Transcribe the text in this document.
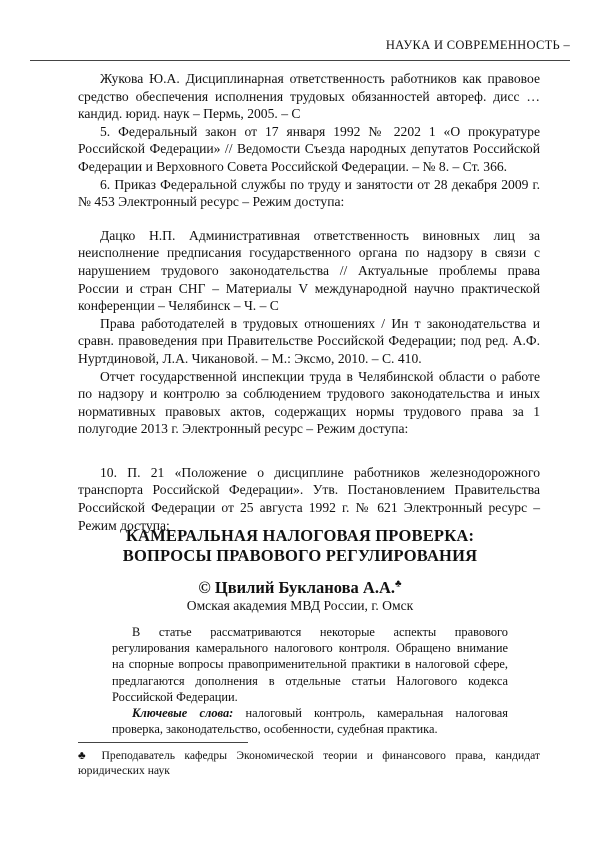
НАУКА И СОВРЕМЕННОСТЬ –

Жукова Ю.А. Дисциплинарная ответственность работников как правовое средство обеспечения исполнения трудовых обязанностей автореф. дисс … кандид. юрид. наук – Пермь, 2005. – С

5. Федеральный закон от 17 января 1992 № 2202 1 «О прокуратуре Российской Федерации» // Ведомости Съезда народных депутатов Российской Федерации и Верховного Совета Российской Федерации. – № 8. – Ст. 366.

6. Приказ Федеральной службы по труду и занятости от 28 декабря 2009 г. № 453 Электронный ресурс – Режим доступа:

Дацко Н.П. Административная ответственность виновных лиц за неисполнение предписания государственного органа по надзору в связи с нарушением трудового законодательства // Актуальные проблемы права России и стран СНГ – Материалы V международной научно практической конференции – Челябинск – Ч. – С

Права работодателей в трудовых отношениях / Ин т законодательства и сравн. правоведения при Правительстве Российской Федерации; под ред. А.Ф. Нуртдиновой, Л.А. Чикановой. – М.: Эксмо, 2010. – С. 410.

Отчет государственной инспекции труда в Челябинской области о работе по надзору и контролю за соблюдением трудового законодательства и иных нормативных правовых актов, содержащих нормы трудового права за 1 полугодие 2013 г. Электронный ресурс – Режим доступа:

10. П. 21 «Положение о дисциплине работников железнодорожного транспорта Российской Федерации». Утв. Постановлением Правительства Российской Федерации от 25 августа 1992 г. № 621 Электронный ресурс – Режим доступа:

КАМЕРАЛЬНАЯ НАЛОГОВАЯ ПРОВЕРКА:
ВОПРОСЫ ПРАВОВОГО РЕГУЛИРОВАНИЯ
© Цвилий Букланова А.А.♣
Омская академия МВД России, г. Омск

В статье рассматриваются некоторые аспекты правового регулирования камерального налогового контроля. Обращено внимание на спорные вопросы правоприменительной практики в налоговой сфере, предлагаются дополнения в отдельные статьи Налогового кодекса Российской Федерации.

Ключевые слова: налоговый контроль, камеральная налоговая проверка, законодательство, особенности, судебная практика.

♣ Преподаватель кафедры Экономической теории и финансового права, кандидат юридических наук
